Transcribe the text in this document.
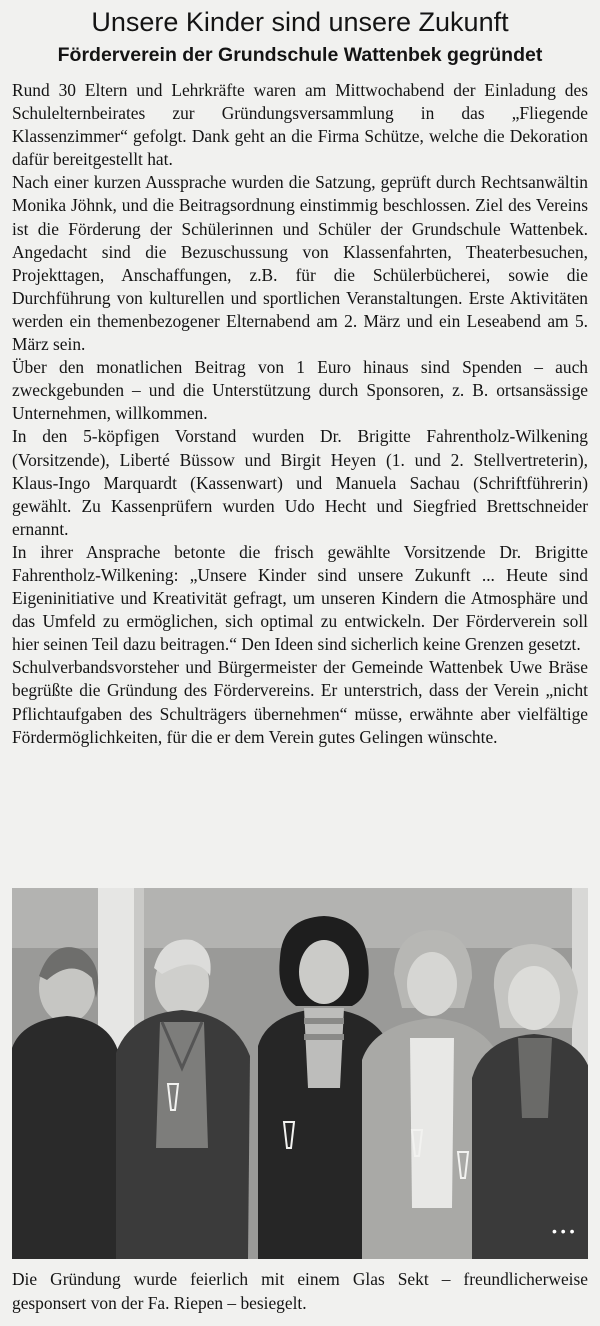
Unsere Kinder sind unsere Zukunft
Förderverein der Grundschule Wattenbek gegründet

Rund 30 Eltern und Lehrkräfte waren am Mittwochabend der Einladung des Schulelternbeirates zur Gründungsversammlung in das „Fliegende Klassenzimmer“ gefolgt. Dank geht an die Firma Schütze, welche die Dekoration dafür bereitgestellt hat.

Nach einer kurzen Aussprache wurden die Satzung, geprüft durch Rechtsanwältin Monika Jöhnk, und die Beitragsordnung einstimmig beschlossen. Ziel des Vereins ist die Förderung der Schülerinnen und Schüler der Grundschule Wattenbek. Angedacht sind die Bezuschussung von Klassenfahrten, Theaterbesuchen, Projekttagen, Anschaffungen, z.B. für die Schülerbücherei, sowie die Durchführung von kulturellen und sportlichen Veranstaltungen. Erste Aktivitäten werden ein themenbezogener Elternabend am 2. März und ein Leseabend am 5. März sein.

Über den monatlichen Beitrag von 1 Euro hinaus sind Spenden – auch zweckgebunden – und die Unterstützung durch Sponsoren, z. B. ortsansässige Unternehmen, willkommen.

In den 5-köpfigen Vorstand wurden Dr. Brigitte Fahrentholz-Wilkening (Vorsitzende), Liberté Büssow und Birgit Heyen (1. und 2. Stellvertreterin), Klaus-Ingo Marquardt (Kassenwart) und Manuela Sachau (Schriftführerin) gewählt. Zu Kassenprüfern wurden Udo Hecht und Siegfried Brettschneider ernannt.

In ihrer Ansprache betonte die frisch gewählte Vorsitzende Dr. Brigitte Fahrentholz-Wilkening: „Unsere Kinder sind unsere Zukunft ... Heute sind Eigeninitiative und Kreativität gefragt, um unseren Kindern die Atmosphäre und das Umfeld zu ermöglichen, sich optimal zu entwickeln. Der Förderverein soll hier seinen Teil dazu beitragen.“ Den Ideen sind sicherlich keine Grenzen gesetzt.

Schulverbandsvorsteher und Bürgermeister der Gemeinde Wattenbek Uwe Bräse begrüßte die Gründung des Fördervereins. Er unterstrich, dass der Verein „nicht Pflichtaufgaben des Schulträgers übernehmen“ müsse, erwähnte aber vielfältige Fördermöglichkeiten, für die er dem Verein gutes Gelingen wünschte.

• • •

Die Gründung wurde feierlich mit einem Glas Sekt – freundlicherweise gesponsert von der Fa. Riepen – besiegelt.
